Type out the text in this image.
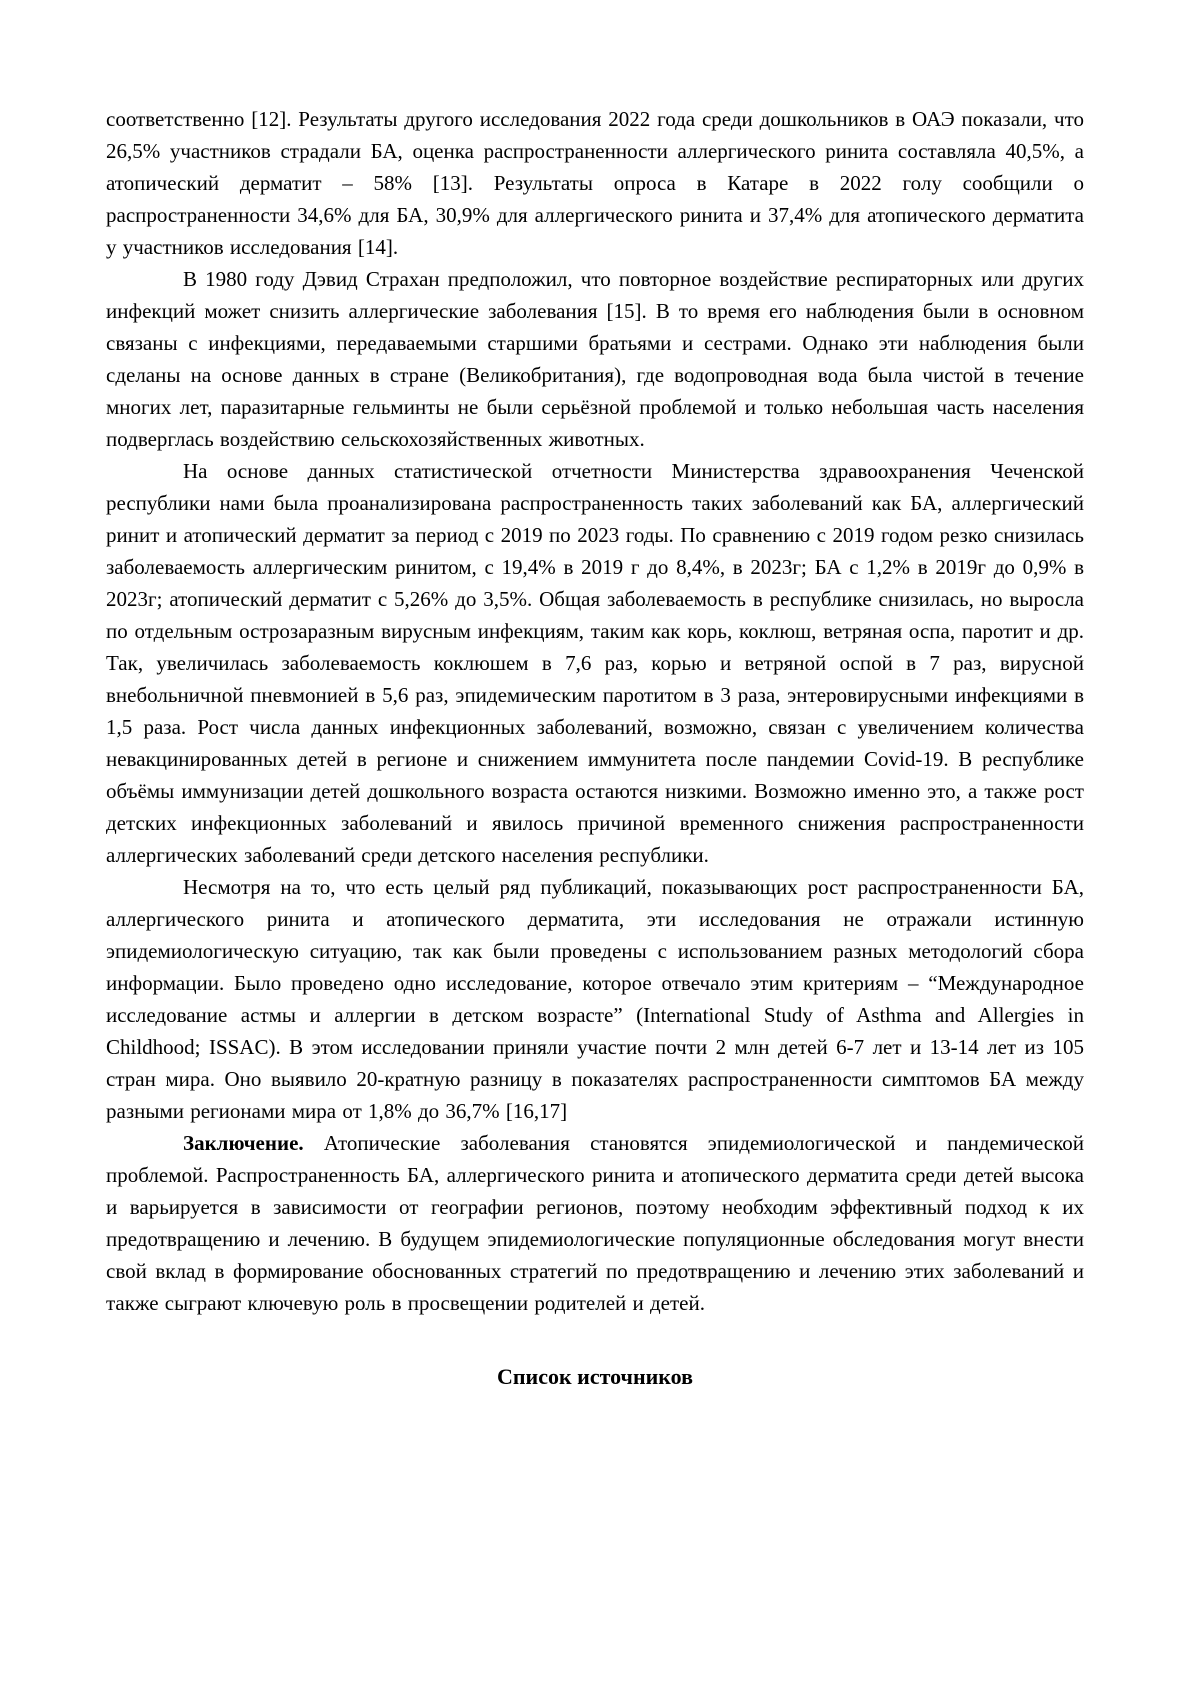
соответственно [12]. Результаты другого исследования 2022 года среди дошкольников в ОАЭ показали, что 26,5% участников страдали БА, оценка распространенности аллергического ринита составляла 40,5%, а атопический дерматит – 58% [13]. Результаты опроса в Катаре в 2022 голу сообщили о распространенности 34,6% для БА, 30,9% для аллергического ринита и 37,4% для атопического дерматита у участников исследования [14].

В 1980 году Дэвид Страхан предположил, что повторное воздействие респираторных или других инфекций может снизить аллергические заболевания [15]. В то время его наблюдения были в основном связаны с инфекциями, передаваемыми старшими братьями и сестрами. Однако эти наблюдения были сделаны на основе данных в стране (Великобритания), где водопроводная вода была чистой в течение многих лет, паразитарные гельминты не были серьёзной проблемой и только небольшая часть населения подверглась воздействию сельскохозяйственных животных.

На основе данных статистической отчетности Министерства здравоохранения Чеченской республики нами была проанализирована распространенность таких заболеваний как БА, аллергический ринит и атопический дерматит за период с 2019 по 2023 годы. По сравнению с 2019 годом резко снизилась заболеваемость аллергическим ринитом, с 19,4% в 2019 г до 8,4%, в 2023г; БА с 1,2% в 2019г до 0,9% в 2023г; атопический дерматит с 5,26% до 3,5%. Общая заболеваемость в республике снизилась, но выросла по отдельным острозаразным вирусным инфекциям, таким как корь, коклюш, ветряная оспа, паротит и др. Так, увеличилась заболеваемость коклюшем в 7,6 раз, корью и ветряной оспой в 7 раз, вирусной внебольничной пневмонией в 5,6 раз, эпидемическим паротитом в 3 раза, энтеровирусными инфекциями в 1,5 раза. Рост числа данных инфекционных заболеваний, возможно, связан с увеличением количества невакцинированных детей в регионе и снижением иммунитета после пандемии Covid-19. В республике объёмы иммунизации детей дошкольного возраста остаются низкими. Возможно именно это, а также рост детских инфекционных заболеваний и явилось причиной временного снижения распространенности аллергических заболеваний среди детского населения республики.

Несмотря на то, что есть целый ряд публикаций, показывающих рост распространенности БА, аллергического ринита и атопического дерматита, эти исследования не отражали истинную эпидемиологическую ситуацию, так как были проведены с использованием разных методологий сбора информации. Было проведено одно исследование, которое отвечало этим критериям – “Международное исследование астмы и аллергии в детском возрасте” (International Study of Asthma and Allergies in Childhood; ISSAC). В этом исследовании приняли участие почти 2 млн детей 6-7 лет и 13-14 лет из 105 стран мира. Оно выявило 20-кратную разницу в показателях распространенности симптомов БА между разными регионами мира от 1,8% до 36,7% [16,17]

Заключение. Атопические заболевания становятся эпидемиологической и пандемической проблемой. Распространенность БА, аллергического ринита и атопического дерматита среди детей высока и варьируется в зависимости от географии регионов, поэтому необходим эффективный подход к их предотвращению и лечению. В будущем эпидемиологические популяционные обследования могут внести свой вклад в формирование обоснованных стратегий по предотвращению и лечению этих заболеваний и также сыграют ключевую роль в просвещении родителей и детей.

Список источников
